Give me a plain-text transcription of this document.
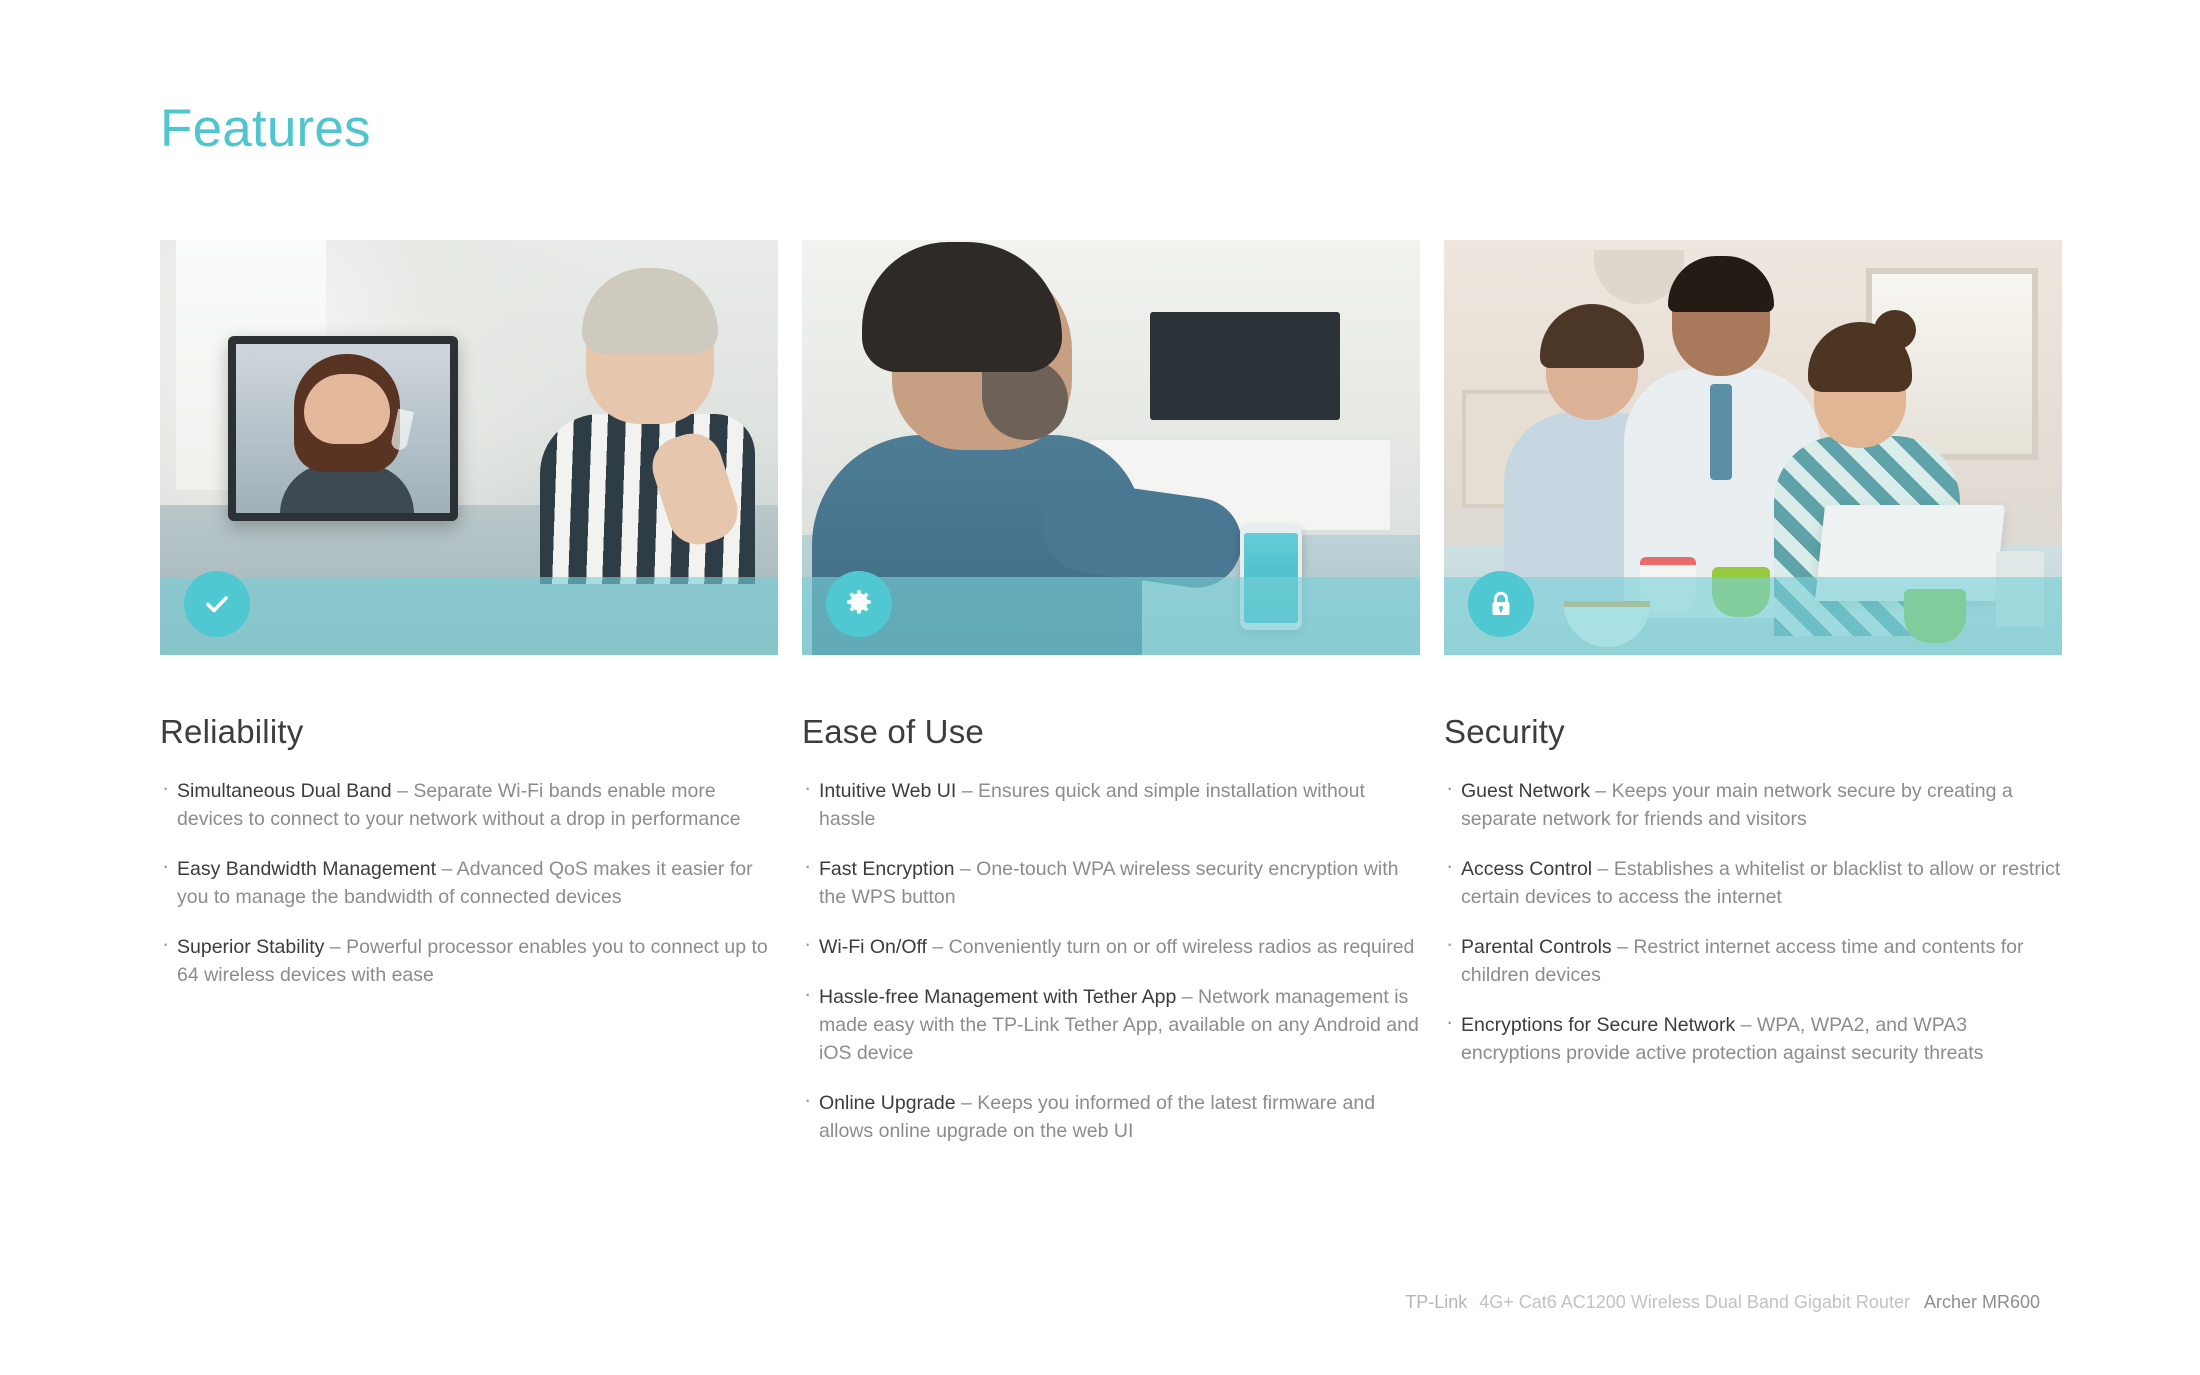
Features
Reliability
· Simultaneous Dual Band – Separate Wi-Fi bands enable more devices to connect to your network without a drop in performance
· Easy Bandwidth Management – Advanced QoS makes it easier for you to manage the bandwidth of connected devices
· Superior Stability – Powerful processor enables you to connect up to 64 wireless devices with ease
Ease of Use
· Intuitive Web UI – Ensures quick and simple installation without hassle
· Fast Encryption – One-touch WPA wireless security encryption with the WPS button
· Wi-Fi On/Off – Conveniently turn on or off wireless radios as required
· Hassle-free Management with Tether App – Network management is made easy with the TP-Link Tether App, available on any Android and iOS device
· Online Upgrade – Keeps you informed of the latest firmware and allows online upgrade on the web UI
Security
· Guest Network – Keeps your main network secure by creating a separate network for friends and visitors
· Access Control – Establishes a whitelist or blacklist to allow or restrict certain devices to access the internet
· Parental Controls – Restrict internet access time and contents for children devices
· Encryptions for Secure Network – WPA, WPA2, and WPA3 encryptions provide active protection against security threats
TP-Link 4G+ Cat6 AC1200 Wireless Dual Band Gigabit Router Archer MR600
